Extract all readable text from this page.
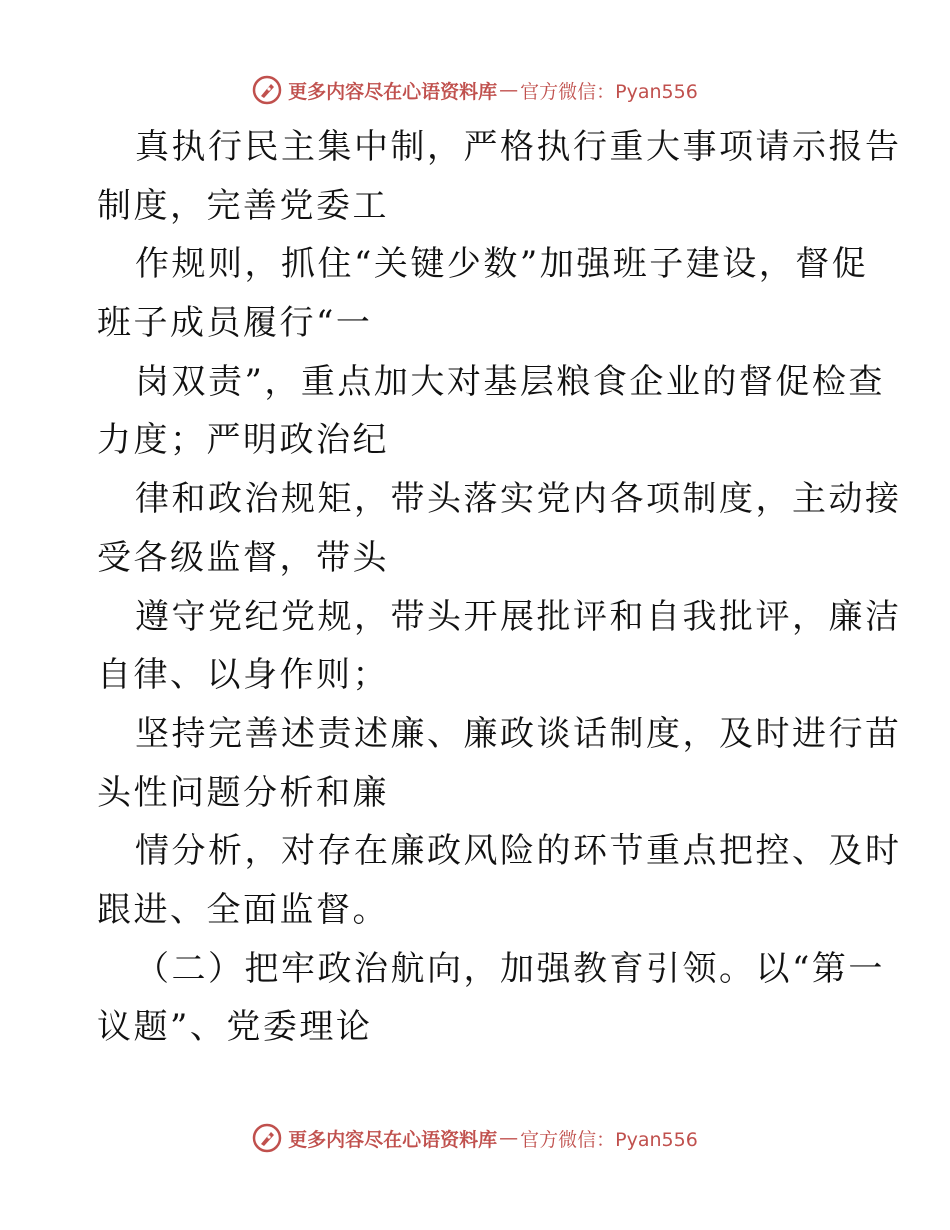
更多内容尽在心语资料库 — 官方微信：Pyan556
真执行民主集中制，严格执行重大事项请示报告
制度，完善党委工
作规则，抓住“关键少数”加强班子建设，督促
班子成员履行“一
岗双责”，重点加大对基层粮食企业的督促检查
力度；严明政治纪
律和政治规矩，带头落实党内各项制度，主动接
受各级监督，带头
遵守党纪党规，带头开展批评和自我批评，廉洁
自律、以身作则；
坚持完善述责述廉、廉政谈话制度，及时进行苗
头性问题分析和廉
情分析，对存在廉政风险的环节重点把控、及时
跟进、全面监督。
（二）把牢政治航向，加强教育引领。以“第一
议题”、党委理论
更多内容尽在心语资料库 — 官方微信：Pyan556
